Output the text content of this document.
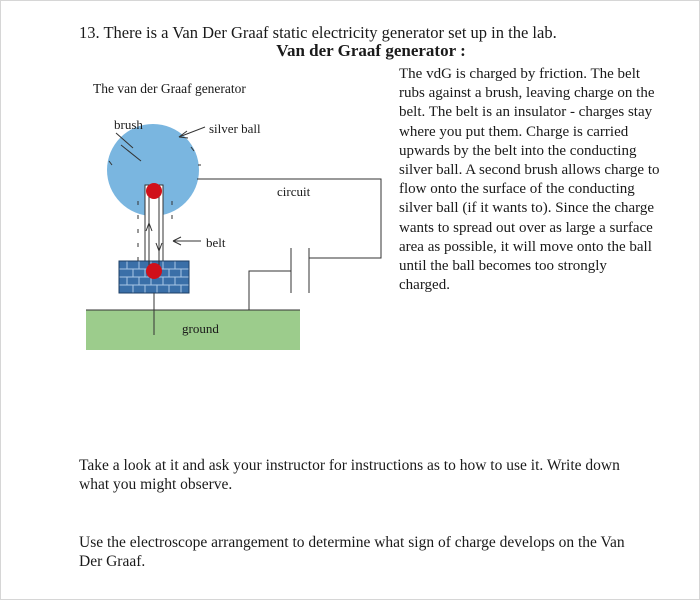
13. There is a Van Der Graaf static electricity generator set up in the lab.
Van der Graaf generator :
The van der Graaf generator
brush	silver ball
circuit
belt
ground
The vdG is charged by friction. The belt rubs against a brush, leaving charge on the belt. The belt is an insulator - charges stay where you put them. Charge is carried upwards by the belt into the conducting silver ball. A second brush allows charge to flow onto the surface of the conducting silver ball (if it wants to). Since the charge wants to spread out over as large a surface area as possible, it will move onto the ball until the ball becomes too strongly charged.
Take a look at it and ask your instructor for instructions as to how to use it. Write down what you might observe.
Use the electroscope arrangement to determine what sign of charge develops on the Van Der Graaf.
